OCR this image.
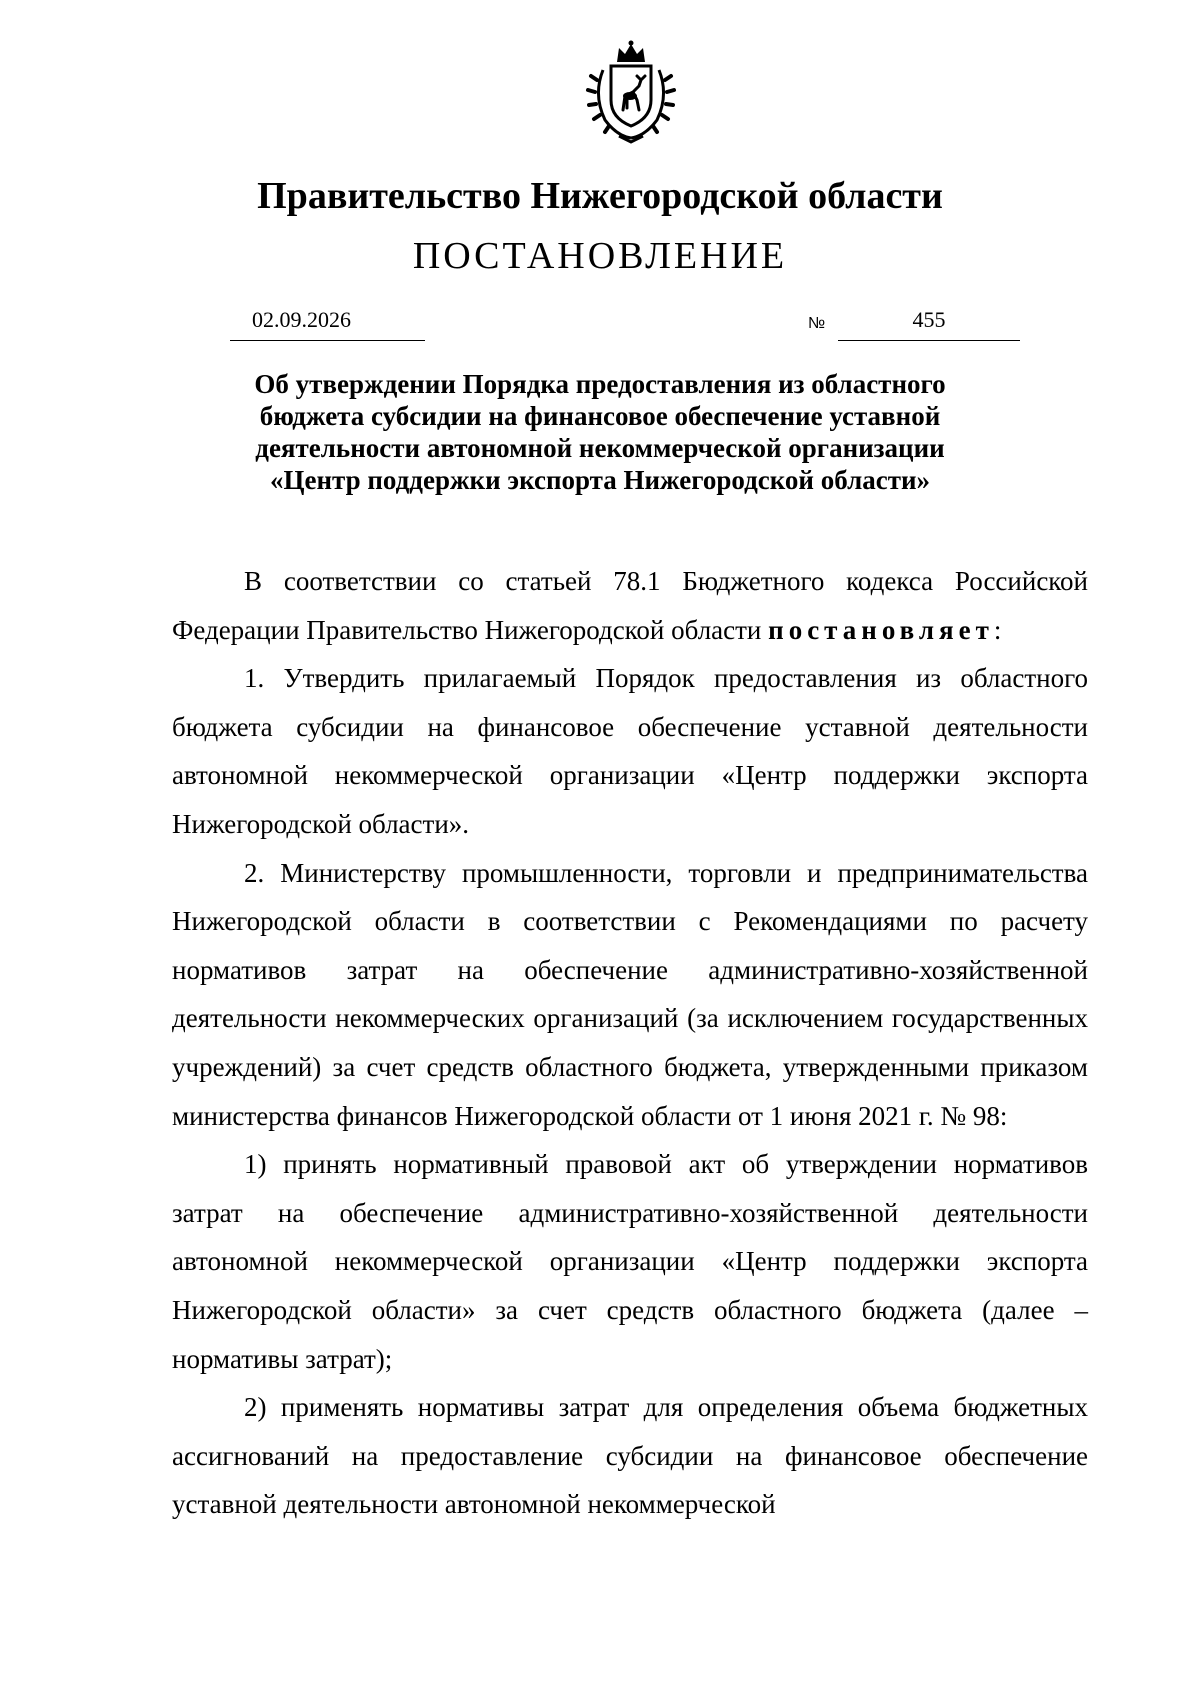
Правительство Нижегородской области
ПОСТАНОВЛЕНИЕ
02.09.2026	№	455
Об утверждении Порядка предоставления из областного
бюджета субсидии на финансовое обеспечение уставной
деятельности автономной некоммерческой организации
«Центр поддержки экспорта Нижегородской области»

В соответствии со статьей 78.1 Бюджетного кодекса Российской Федерации Правительство Нижегородской области постановляет:

1. Утвердить прилагаемый Порядок предоставления из областного бюджета субсидии на финансовое обеспечение уставной деятельности автономной некоммерческой организации «Центр поддержки экспорта Нижегородской области».

2. Министерству промышленности, торговли и предпринимательства Нижегородской области в соответствии с Рекомендациями по расчету нормативов затрат на обеспечение административно-хозяйственной деятельности некоммерческих организаций (за исключением государственных учреждений) за счет средств областного бюджета, утвержденными приказом министерства финансов Нижегородской области от 1 июня 2021 г. № 98:

1) принять нормативный правовой акт об утверждении нормативов затрат на обеспечение административно-хозяйственной деятельности автономной некоммерческой организации «Центр поддержки экспорта Нижегородской области» за счет средств областного бюджета (далее – нормативы затрат);

2) применять нормативы затрат для определения объема бюджетных ассигнований на предоставление субсидии на финансовое обеспечение уставной деятельности автономной некоммерческой
